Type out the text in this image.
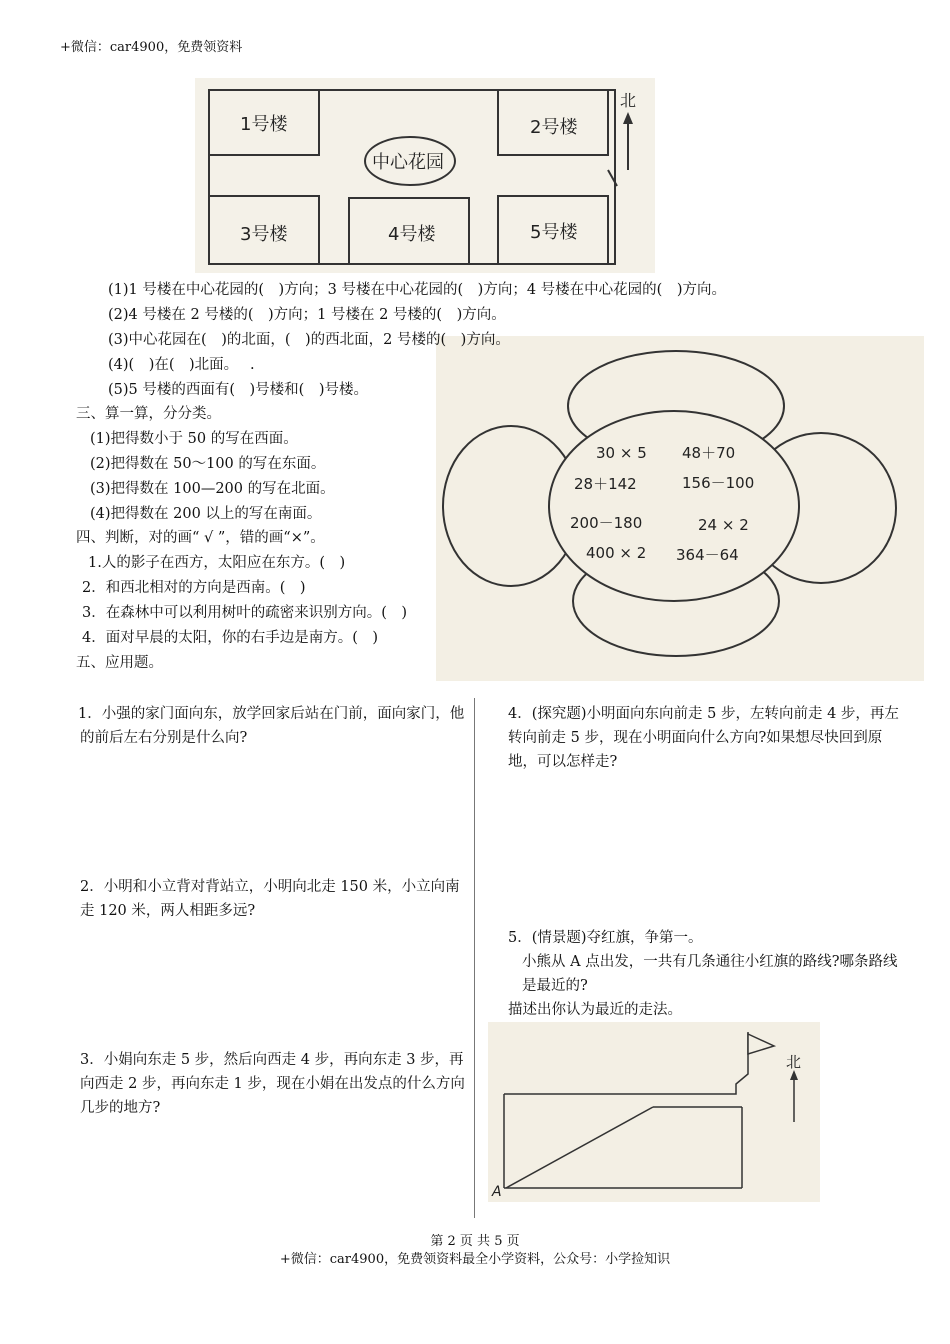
+微信：car4900，免费领资料
1号楼	2号楼
3号楼	4号楼	5号楼
中心花园
北
30 × 5 48＋70
28＋142	156－100
200－180	24 × 2
400 × 2 364－64
(1)1 号楼在中心花园的(　)方向；3 号楼在中心花园的(　)方向；4 号楼在中心花园的(　)方向。
(2)4 号楼在 2 号楼的(　)方向；1 号楼在 2 号楼的(　)方向。
(3)中心花园在(　)的北面，(　)的西北面，2 号楼的(　)方向。
(4)(　)在(　)北面。　 .
(5)5 号楼的西面有(　)号楼和(　)号楼。
三、算一算，分分类。
(1)把得数小于 50 的写在西面。
(2)把得数在 50～100 的写在东面。
(3)把得数在 100—200 的写在北面。
(4)把得数在 200 以上的写在南面。
四、判断，对的画“ √ ”，错的画“×”。
1.人的影子在西方，太阳应在东方。(　)
2．和西北相对的方向是西南。(　)
3．在森林中可以利用树叶的疏密来识别方向。(　)
4．面对早晨的太阳，你的右手边是南方。(　)
五、应用题。
1．小强的家门面向东，放学回家后站在门前，面向家门，他的前后左右分别是什么向?
2．小明和小立背对背站立，小明向北走 150 米，小立向南走 120 米，两人相距多远?
3．小娟向东走 5 步，然后向西走 4 步，再向东走 3 步，再向西走 2 步，再向东走 1 步，现在小娟在出发点的什么方向几步的地方?
4．(探究题)小明面向东向前走 5 步，左转向前走 4 步，再左转向前走 5 步，现在小明面向什么方向?如果想尽快回到原地，可以怎样走?
5．(情景题)夺红旗，争第一。
小熊从 A 点出发，一共有几条通往小红旗的路线?哪条路线是最近的?
描述出你认为最近的走法。
北
A
第 2 页 共 5 页
+微信：car4900，免费领资料最全小学资料，公众号：小学捡知识
